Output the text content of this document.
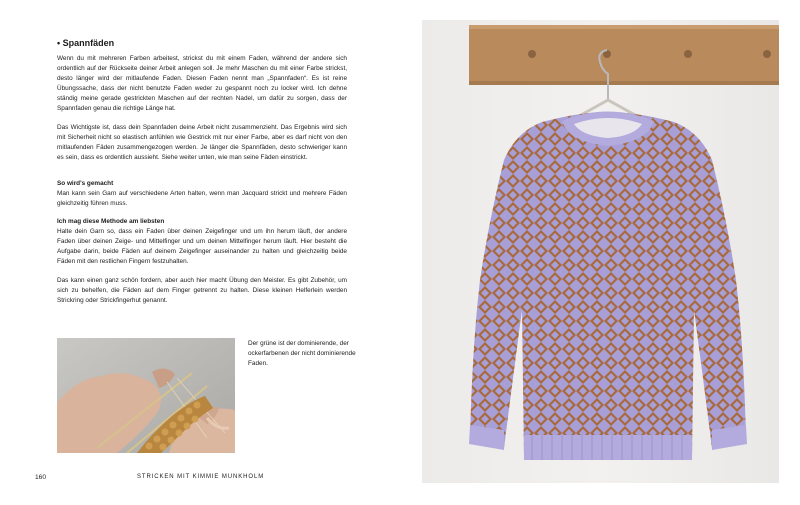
• Spannfäden

Wenn du mit mehreren Farben arbeitest, strickst du mit einem Faden, während der andere sich ordentlich auf der Rückseite deiner Arbeit anlegen soll. Je mehr Maschen du mit einer Farbe strickst, desto länger wird der mitlaufende Faden. Diesen Faden nennt man „Spannfaden“. Es ist reine Übungssache, dass der nicht benutzte Faden weder zu gespannt noch zu locker wird. Ich dehne ständig meine gerade gestrickten Maschen auf der rechten Nadel, um dafür zu sorgen, dass der Spannfaden genau die richtige Länge hat.

Das Wichtigste ist, dass dein Spannfaden deine Arbeit nicht zusammenzieht. Das Ergebnis wird sich mit Sicherheit nicht so elastisch anfühlen wie Gestrick mit nur einer Farbe, aber es darf nicht von den mitlaufenden Fäden zusammengezogen werden. Je länger die Spannfäden, desto schwieriger kann es sein, dass es ordentlich aussieht. Siehe weiter unten, wie man seine Fäden einstrickt.

So wird's gemacht

Man kann sein Garn auf verschiedene Arten halten, wenn man Jacquard strickt und mehrere Fäden gleichzeitig führen muss.

Ich mag diese Methode am liebsten

Halte dein Garn so, dass ein Faden über deinen Zeigefinger und um ihn herum läuft, der andere Faden über deinen Zeige- und Mittelfinger und um deinen Mittelfinger herum läuft. Hier besteht die Aufgabe darin, beide Fäden auf deinem Zeigefinger auseinander zu halten und gleichzeitig beide Fäden mit den restlichen Fingern festzuhalten.

Das kann einen ganz schön fordern, aber auch hier macht Übung den Meister. Es gibt Zubehör, um sich zu behelfen, die Fäden auf dem Finger getrennt zu halten. Diese kleinen Helferlein werden Strickring oder Strickfingerhut genannt.

Der grüne ist der dominierende, der ockerfarbenen der nicht dominierende Faden.
160	STRICKEN MIT KIMMIE MUNKHOLM
